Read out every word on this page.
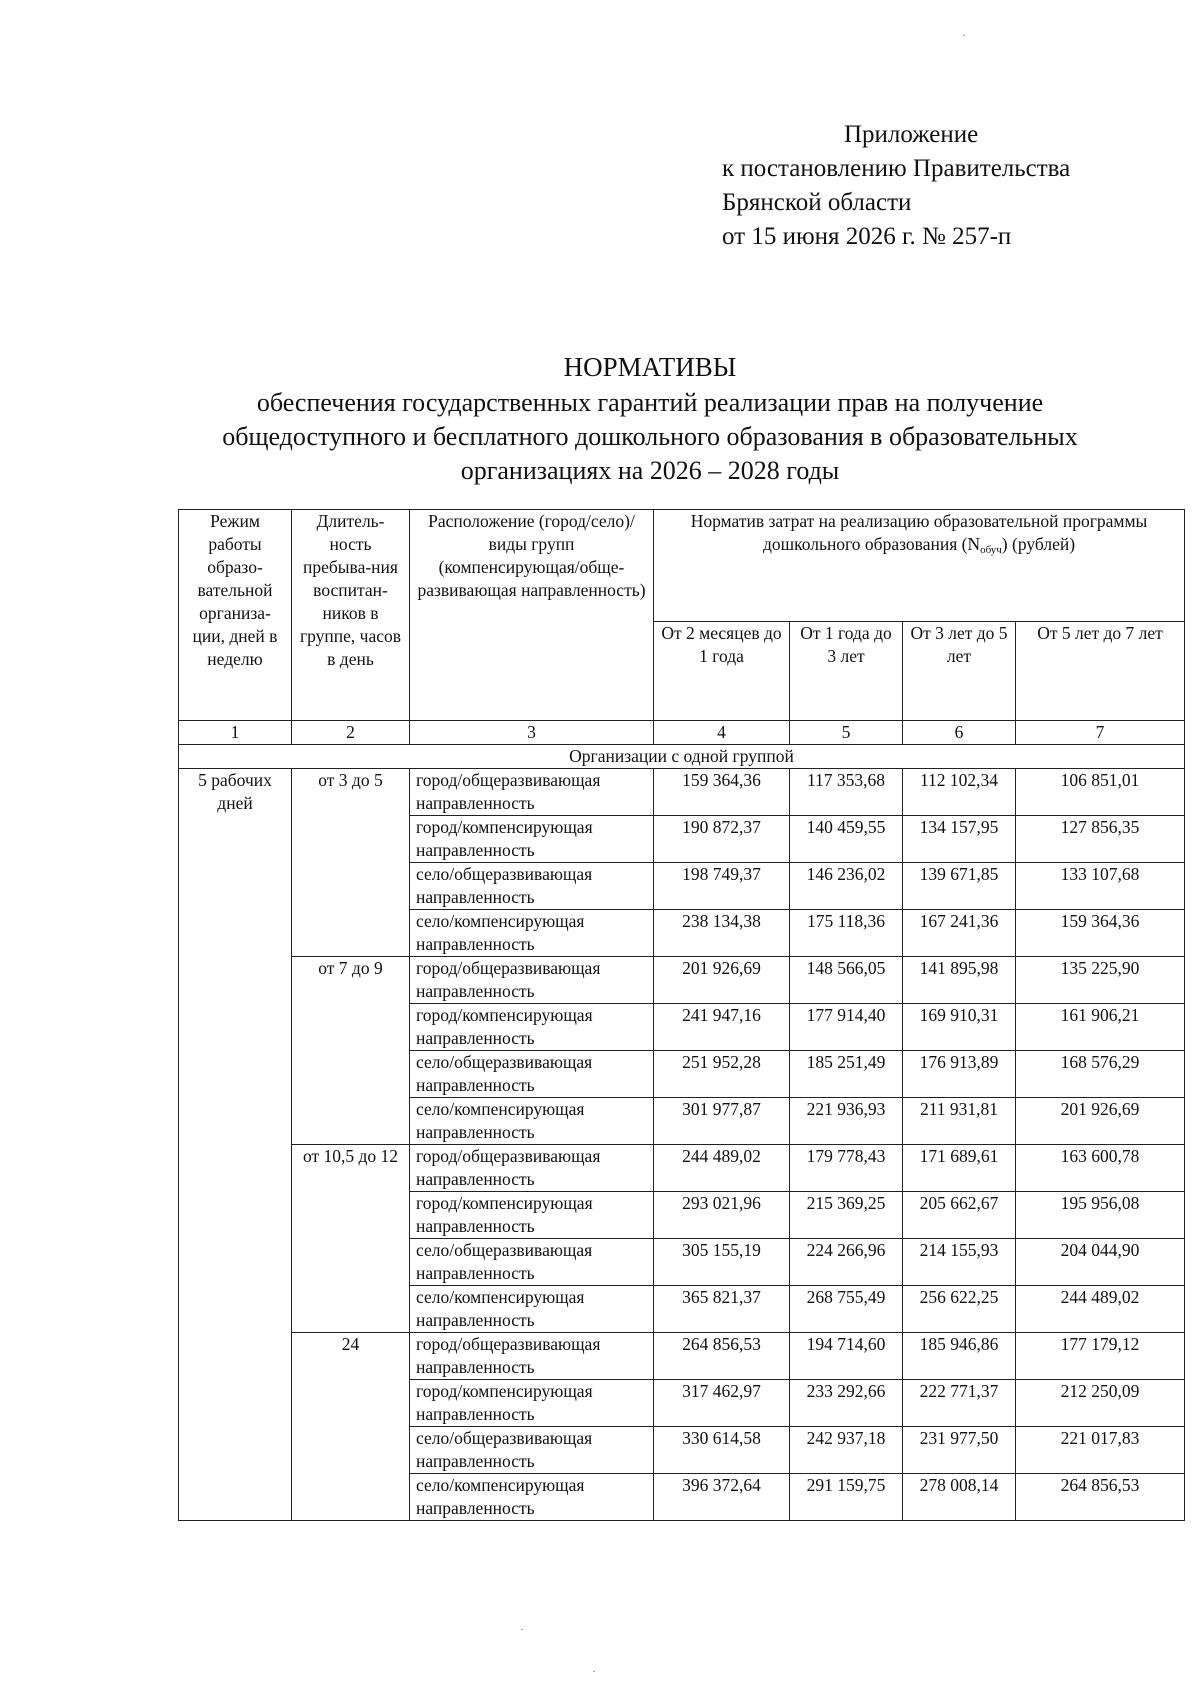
Приложение
к постановлению Правительства
Брянской области
от 15 июня 2026 г. № 257-п
НОРМАТИВЫ
обеспечения государственных гарантий реализации прав на получение
общедоступного и бесплатного дошкольного образования в образовательных
организациях на 2026 – 2028 годы
Режим работы образо-вательной организа-ции, дней в неделю	Длитель-ность пребыва-ния воспитан-ников в группе, часов в день	Расположение (город/село)/виды групп (компенсирующая/обще-развивающая направленность)	Норматив затрат на реализацию образовательной программы дошкольного образования $(N_{обуч})$ (рублей)			
			От 2 месяцев до 1 года	От 1 года до 3 лет	От 3 лет до 5 лет	От 5 лет до 7 лет
1	2	3	4	5	6	7
Организации с одной группой						
5 рабочих дней	от 3 до 5	город/общеразвивающая направленность	159 364,36	117 353,68	112 102,34	106 851,01
		город/компенсирующая направленность	190 872,37	140 459,55	134 157,95	127 856,35
		село/общеразвивающая направленность	198 749,37	146 236,02	139 671,85	133 107,68
		село/компенсирующая направленность	238 134,38	175 118,36	167 241,36	159 364,36
	от 7 до 9	город/общеразвивающая направленность	201 926,69	148 566,05	141 895,98	135 225,90
		город/компенсирующая направленность	241 947,16	177 914,40	169 910,31	161 906,21
		село/общеразвивающая направленность	251 952,28	185 251,49	176 913,89	168 576,29
		село/компенсирующая направленность	301 977,87	221 936,93	211 931,81	201 926,69
	от 10,5 до 12	город/общеразвивающая направленность	244 489,02	179 778,43	171 689,61	163 600,78
		город/компенсирующая направленность	293 021,96	215 369,25	205 662,67	195 956,08
		село/общеразвивающая направленность	305 155,19	224 266,96	214 155,93	204 044,90
		село/компенсирующая направленность	365 821,37	268 755,49	256 622,25	244 489,02
	24	город/общеразвивающая направленность	264 856,53	194 714,60	185 946,86	177 179,12
		город/компенсирующая направленность	317 462,97	233 292,66	222 771,37	212 250,09
		село/общеразвивающая направленность	330 614,58	242 937,18	231 977,50	221 017,83
		село/компенсирующая направленность	396 372,64	291 159,75	278 008,14	264 856,53
·
·
·
